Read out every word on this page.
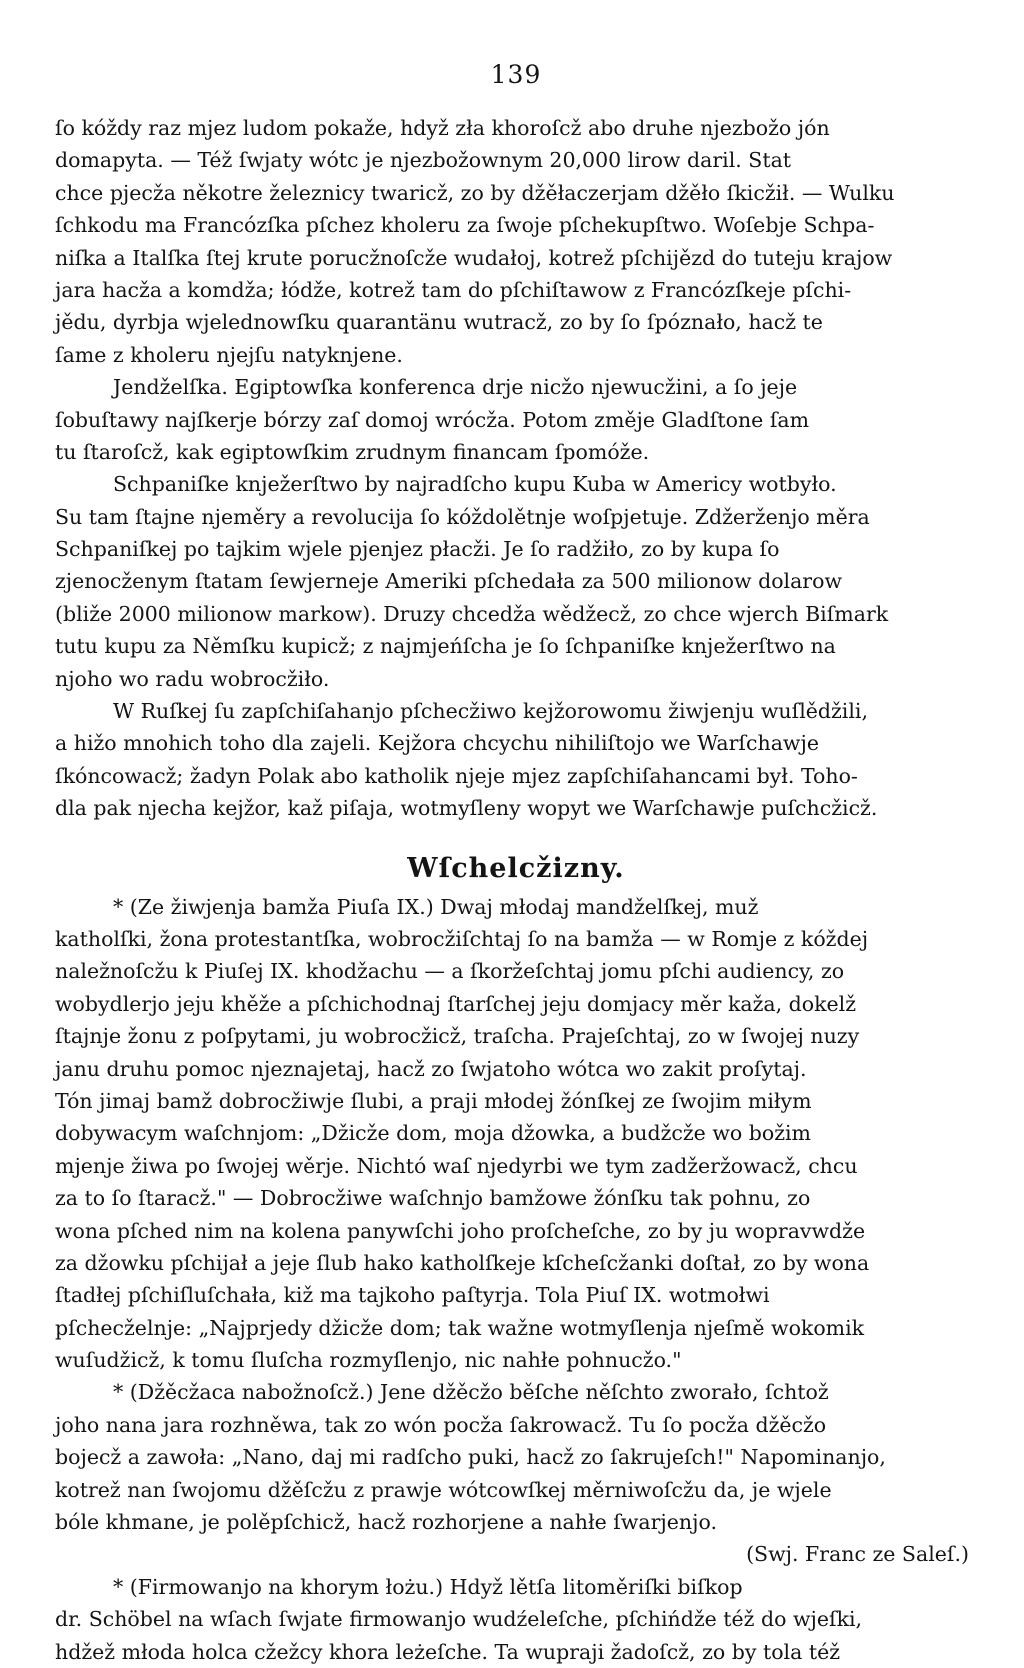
139
ſo kóždy raz mjez ludom pokaže, hdyž zła khoroſcž abo druhe njezbožo jón
domapyta. — Též ſwjaty wótc je njezbožownym 20,000 lirow daril. Stat
chce pjecža někotre železnicy twaricž, zo by džěłaczerjam džěło ſkicžił. — Wulku
ſchkodu ma Francózſka pſchez kholeru za ſwoje pſchekupſtwo. Woſebje Schpa-
niſka a Italſka ſtej krute porucžnoſcže wudałoj, kotrež pſchijězd do tuteju krajow
jara hacža a komdža; łódže, kotrež tam do pſchiſtawow z Francózſkeje pſchi-
jědu, dyrbja wjelednowſku quarantänu wutracž, zo by ſo ſpóznało, hacž te
ſame z kholeru njejſu natyknjene.
Jendželſka. Egiptowſka konferenca drje nicžo njewucžini, a ſo jeje
ſobuſtawy najſkerje bórzy zaſ domoj wrócža. Potom změje Gladſtone ſam
tu ſtaroſcž, kak egiptowſkim zrudnym financam ſpomóže.
Schpaniſke knježerſtwo by najradſcho kupu Kuba w Americy wotbyło.
Su tam ſtajne njeměry a revolucija ſo kóždolětnje woſpjetuje. Zdžerženjo měra
Schpaniſkej po tajkim wjele pjenjez płacži. Je ſo radžiło, zo by kupa ſo
zjenocženym ſtatam ſewjerneje Ameriki pſchedała za 500 milionow dolarow
(bliže 2000 milionow markow). Druzy chcedža wědžecž, zo chce wjerch Biſmark
tutu kupu za Němſku kupicž; z najmjeńſcha je ſo ſchpaniſke knježerſtwo na
njoho wo radu wobrocžiło.
W Ruſkej ſu zapſchiſahanjo pſchecžiwo kejžorowomu žiwjenju wuſlědžili,
a hižo mnohich toho dla zajeli. Kejžora chcychu nihiliſtojo we Warſchawje
ſkóncowacž; žadyn Polak abo katholik njeje mjez zapſchiſahancami był. Toho-
dla pak njecha kejžor, kaž piſaja, wotmyſleny wopyt we Warſchawje puſchcžicž.
Wſchelcžizny.
* (Ze žiwjenja bamža Piuſa IX.) Dwaj młodaj mandželſkej, muž
katholſki, žona protestantſka, wobrocžiſchtaj ſo na bamža — w Romje z kóždej
naležnoſcžu k Piuſej IX. khodžachu — a ſkoržeſchtaj jomu pſchi audiency, zo
wobydlerjo jeju khěže a pſchichodnaj ſtarſchej jeju domjacy měr kaža, dokelž
ſtajnje žonu z poſpytami, ju wobrocžicž, traſcha. Prajeſchtaj, zo w ſwojej nuzy
janu druhu pomoc njeznajetaj, hacž zo ſwjatoho wótca wo zakit proſytaj.
Tón jimaj bamž dobrocžiwje ſlubi, a praji młodej žónſkej ze ſwojim miłym
dobywacym waſchnjom: „Džicže dom, moja džowka, a budžcže wo božim
mjenje žiwa po ſwojej wěrje. Nichtó waſ njedyrbi we tym zadžeržowacž, chcu
za to ſo ſtaracž." — Dobrocžiwe waſchnjo bamžowe žónſku tak pohnu, zo
wona pſched nim na kolena panywſchi joho proſcheſche, zo by ju wopravwdže
za džowku pſchijał a jeje ſlub hako katholſkeje kſcheſcžanki doſtał, zo by wona
ſtadłej pſchiſluſchała, kiž ma tajkoho paſtyrja. Tola Piuſ IX. wotmołwi
pſchecželnje: „Najprjedy džicže dom; tak wažne wotmyſlenja njeſmě wokomik
wuſudžicž, k tomu ſluſcha rozmyſlenjo, nic nahłe pohnucžo."
* (Džěcžaca nabožnoſcž.) Jene džěcžo běſche něſchto zworało, ſchtož
joho nana jara rozhněwa, tak zo wón pocža ſakrowacž. Tu ſo pocža džěcžo
bojecž a zawoła: „Nano, daj mi radſcho puki, hacž zo ſakrujeſch!" Napominanjo,
kotrež nan ſwojomu džěſcžu z prawje wótcowſkej měrniwoſcžu da, je wjele
bóle khmane, je polěpſchicž, hacž rozhorjene a nahłe ſwarjenjo.
(Swj. Franc ze Saleſ.)
* (Firmowanjo na khorym łożu.) Hdyž lětſa litoměriſki biſkop
dr. Schöbel na wſach ſwjate firmowanjo wudźeleſche, pſchińdže též do wjeſki,
hdžež młoda holca cžežcy khora leżeſche. Ta wupraji žadoſcž, zo by tola též
